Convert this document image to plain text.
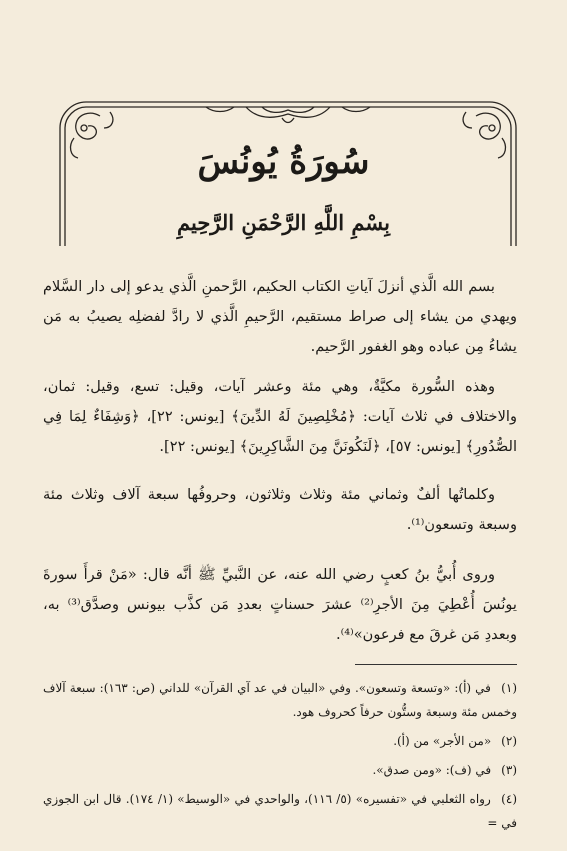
سُورَةُ يُونُسَ
بِسْمِ اللَّهِ الرَّحْمَنِ الرَّحِيمِ

بسم الله الَّذي أنزلَ آياتِ الكتاب الحكيم، الرَّحمنِ الَّذي يدعو إلى دار السَّلام ويهدي من يشاء إلى صراط مستقيم، الرَّحيمِ الَّذي لا رادَّ لفضلِه يصيبُ به مَن يشاءُ مِن عباده وهو الغفور الرَّحيم.

وهذه السُّورة مكيَّةٌ، وهي مئة وعشر آيات، وقيل: تسع، وقيل: ثمان، والاختلاف في ثلاث آيات: ﴿مُخْلِصِينَ لَهُ الدِّينَ﴾ [يونس: ٢٢]، ﴿وَشِفَاءٌ لِمَا فِي الصُّدُورِ﴾ [يونس: ٥٧]، ﴿لَنَكُونَنَّ مِنَ الشَّاكِرِينَ﴾ [يونس: ٢٢].

وكلماتُها ألفٌ وثماني مئة وثلاث وثلاثون، وحروفُها سبعة آلاف وثلاث مئة وسبعة وتسعون⁽¹⁾.

وروى أُبيُّ بنُ كعبٍ رضي الله عنه، عن النَّبيِّ ﷺ أنَّه قال: «مَنْ قرأَ سورةَ يونُسَ أُعْطِيَ مِنَ الأجرِ⁽²⁾ عشرَ حسناتٍ بعددِ مَن كذَّب بيونس وصدَّق⁽³⁾ به، وبعددِ مَن غرقَ مع فرعون»⁽⁴⁾.

(١) في (أ): «وتسعة وتسعون». وفي «البيان في عد آي القرآن» للداني (ص: ١٦٣): سبعة آلاف وخمس مئة وسبعة وستُّون حرفاً كحروف هود.

(٢) «من الأجر» من (أ).

(٣) في (ف): «ومن صدق».

(٤) رواه الثعلبي في «تفسيره» (٥/ ١١٦)، والواحدي في «الوسيط» (١/ ١٧٤). قال ابن الجوزي في =
